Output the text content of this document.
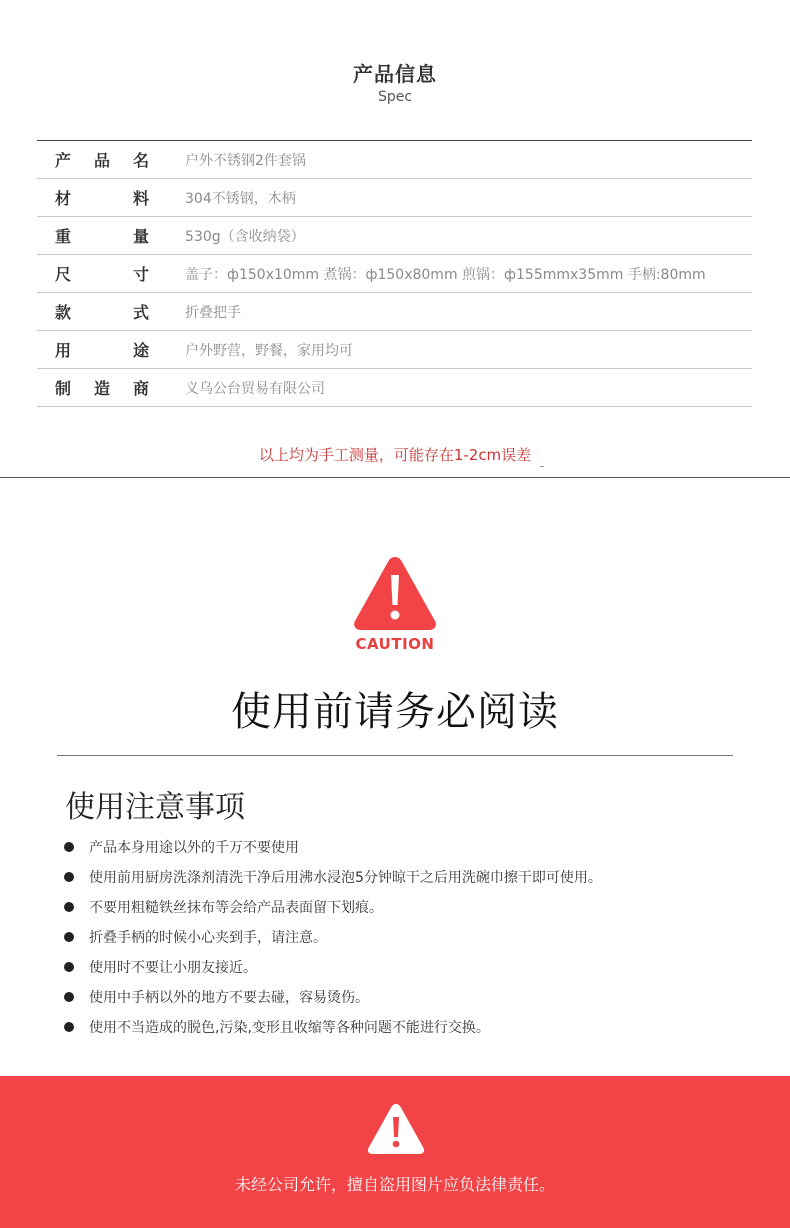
产品信息
Spec
产品名	户外不锈钢2件套锅
材料	304不锈钢，木柄
重量	530g（含收纳袋）
尺寸	盖子：ф150x10mm 煮锅：ф150x80mm 煎锅：ф155mmx35mm 手柄:80mm
款式	折叠把手
用途	户外野营，野餐，家用均可
制造商	义乌公台贸易有限公司
以上均为手工测量，可能存在1-2cm误差
CAUTION
使用前请务必阅读
使用注意事项
产品本身用途以外的千万不要使用
使用前用厨房洗涤剂清洗干净后用沸水浸泡5分钟晾干之后用洗碗巾擦干即可使用。
不要用粗糙铁丝抹布等会给产品表面留下划痕。
折叠手柄的时候小心夹到手，请注意。
使用时不要让小朋友接近。
使用中手柄以外的地方不要去碰，容易烫伤。
使用不当造成的脱色,污染,变形且收缩等各种问题不能进行交换。
未经公司允许，擅自盗用图片应负法律责任。
